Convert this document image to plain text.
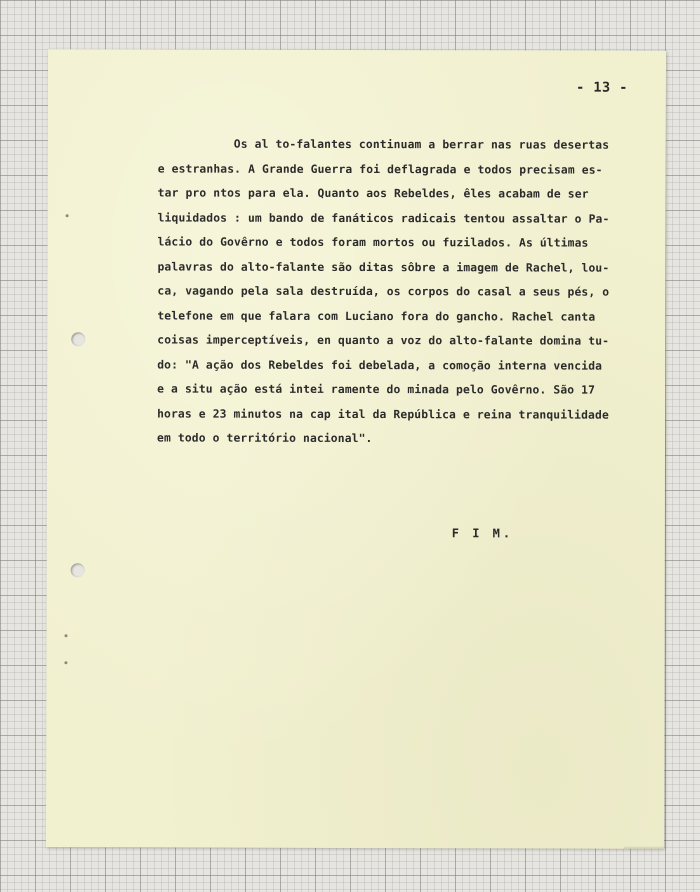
- 13 -

Os al to-falantes continuam a berrar nas ruas desertas
e estranhas. A Grande Guerra foi deflagrada e todos precisam es-
tar pro ntos para ela. Quanto aos Rebeldes, êles acabam de ser
liquidados : um bando de fanáticos radicais tentou assaltar o Pa-
lácio do Govêrno e todos foram mortos ou fuzilados. As últimas
palavras do alto-falante são ditas sôbre a imagem de Rachel, lou-
ca, vagando pela sala destruída, os corpos do casal a seus pés, o
telefone em que falara com Luciano fora do gancho. Rachel canta
coisas imperceptíveis, en quanto a voz do alto-falante domina tu-
do: "A ação dos Rebeldes foi debelada, a comoção interna vencida
e a situ ação está intei ramente do minada pelo Govêrno. São 17
horas e 23 minutos na cap ital da República e reina tranquilidade
em todo o território nacional".

F I M.
